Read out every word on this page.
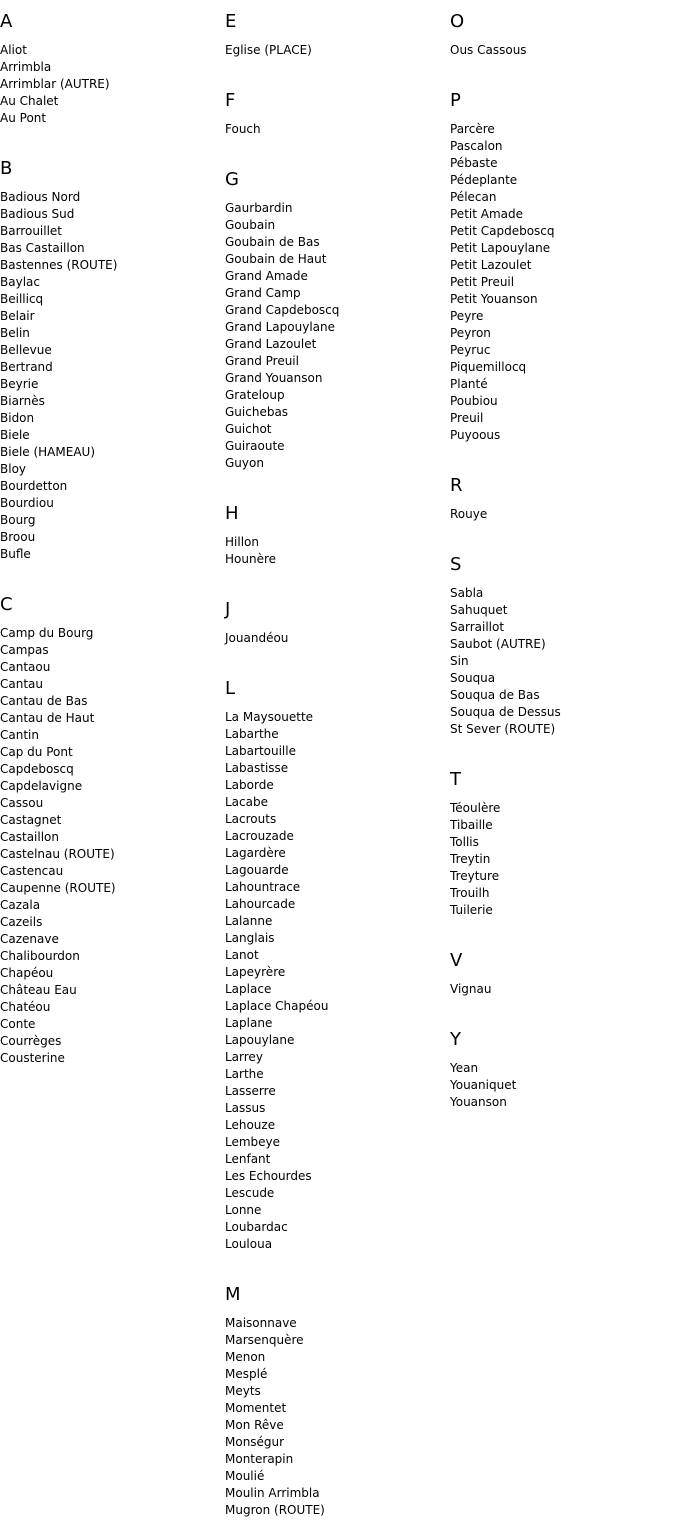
A
Aliot
Arrimbla
Arrimblar (AUTRE)
Au Chalet
Au Pont
B
Badious Nord
Badious Sud
Barrouillet
Bas Castaillon
Bastennes (ROUTE)
Baylac
Beillicq
Belair
Belin
Bellevue
Bertrand
Beyrie
Biarnès
Bidon
Biele
Biele (HAMEAU)
Bloy
Bourdetton
Bourdiou
Bourg
Broou
Bufle
C
Camp du Bourg
Campas
Cantaou
Cantau
Cantau de Bas
Cantau de Haut
Cantin
Cap du Pont
Capdeboscq
Capdelavigne
Cassou
Castagnet
Castaillon
Castelnau (ROUTE)
Castencau
Caupenne (ROUTE)
Cazala
Cazeils
Cazenave
Chalibourdon
Chapéou
Château Eau
Chatéou
Conte
Courrèges
Cousterine
E
Eglise (PLACE)
F
Fouch
G
Gaurbardin
Goubain
Goubain de Bas
Goubain de Haut
Grand Amade
Grand Camp
Grand Capdeboscq
Grand Lapouylane
Grand Lazoulet
Grand Preuil
Grand Youanson
Grateloup
Guichebas
Guichot
Guiraoute
Guyon
H
Hillon
Hounère
J
Jouandéou
L
La Maysouette
Labarthe
Labartouille
Labastisse
Laborde
Lacabe
Lacrouts
Lacrouzade
Lagardère
Lagouarde
Lahountrace
Lahourcade
Lalanne
Langlais
Lanot
Lapeyrère
Laplace
Laplace Chapéou
Laplane
Lapouylane
Larrey
Larthe
Lasserre
Lassus
Lehouze
Lembeye
Lenfant
Les Echourdes
Lescude
Lonne
Loubardac
Louloua
M
Maisonnave
Marsenquère
Menon
Mesplé
Meyts
Momentet
Mon Rêve
Monségur
Monterapin
Moulié
Moulin Arrimbla
Mugron (ROUTE)
O
Ous Cassous
P
Parcère
Pascalon
Pébaste
Pédeplante
Pélecan
Petit Amade
Petit Capdeboscq
Petit Lapouylane
Petit Lazoulet
Petit Preuil
Petit Youanson
Peyre
Peyron
Peyruc
Piquemillocq
Planté
Poubiou
Preuil
Puyoous
R
Rouye
S
Sabla
Sahuquet
Sarraillot
Saubot (AUTRE)
Sin
Souqua
Souqua de Bas
Souqua de Dessus
St Sever (ROUTE)
T
Téoulère
Tibaille
Tollis
Treytin
Treyture
Trouilh
Tuilerie
V
Vignau
Y
Yean
Youaniquet
Youanson
